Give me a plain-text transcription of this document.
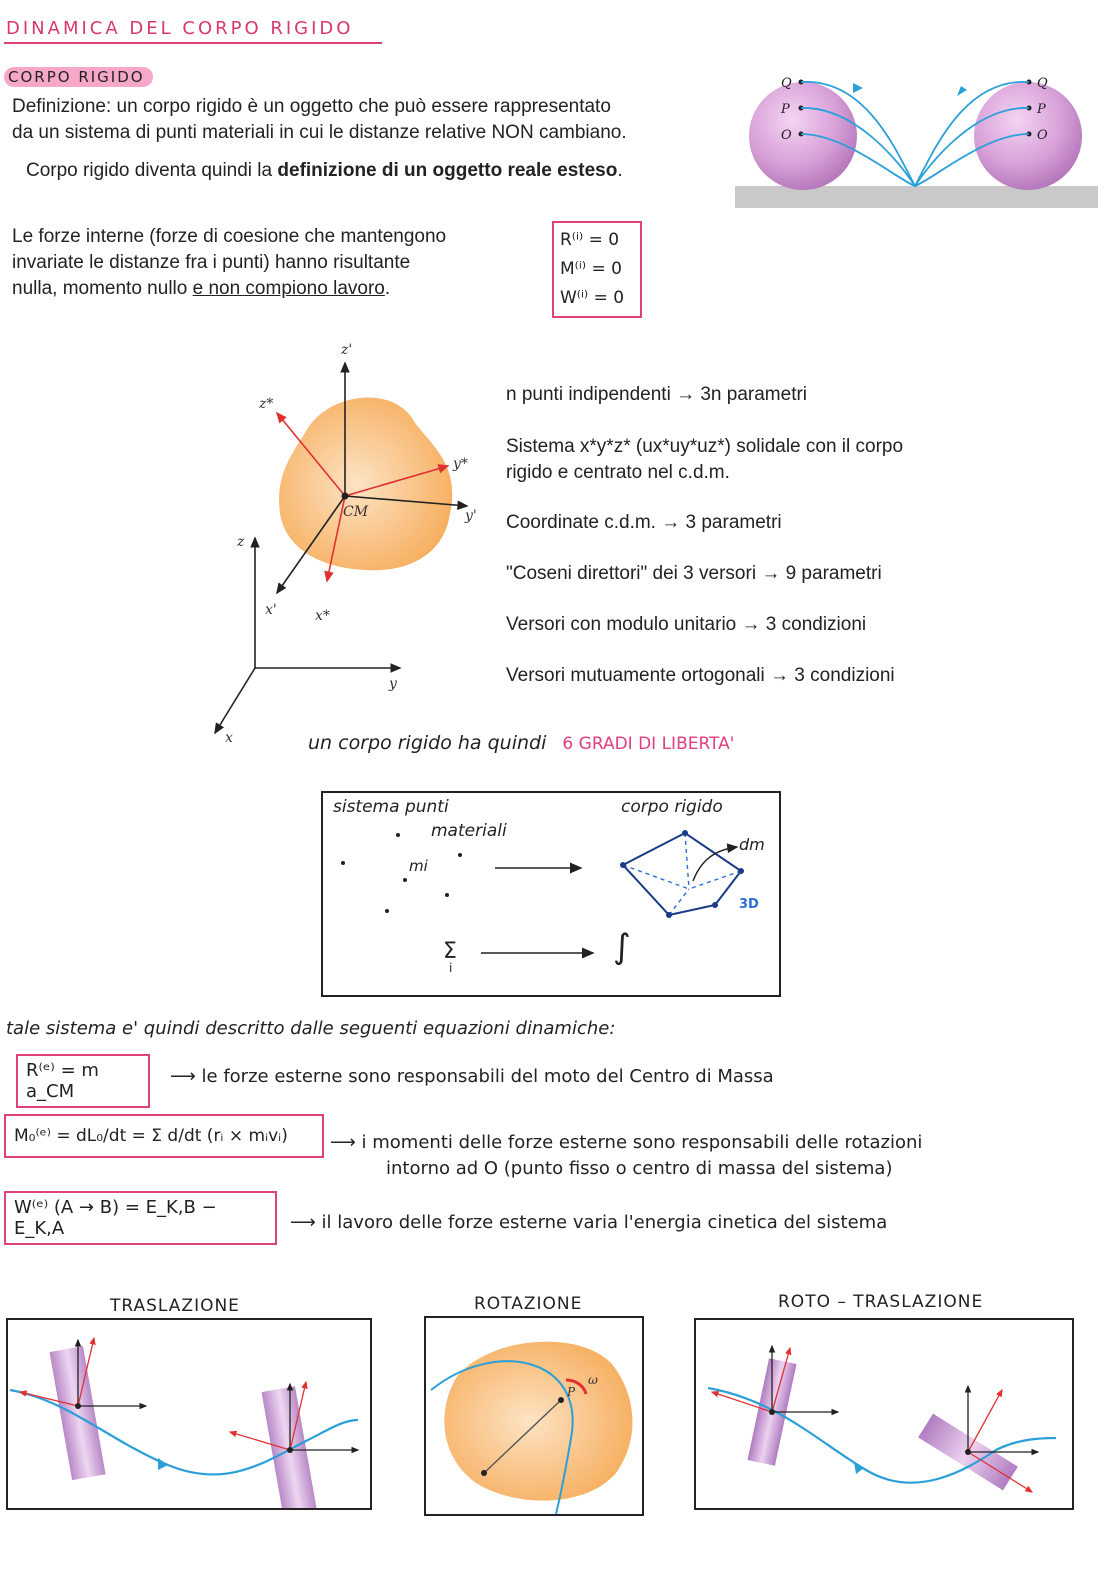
DINAMICA DEL CORPO RIGIDO
CORPO RIGIDO
Definizione: un corpo rigido è un oggetto che può essere rappresentato
da un sistema di punti materiali in cui le distanze relative NON cambiano.
Corpo rigido diventa quindi la definizione di un oggetto reale esteso.
Q
P
O
Q
P
O
Le forze interne (forze di coesione che mantengono
invariate le distanze fra i punti) hanno risultante
nulla, momento nullo e non compiono lavoro.
R⁽ⁱ⁾ = 0
M⁽ⁱ⁾ = 0
W⁽ⁱ⁾ = 0
z'
z*
y*
y'
CM
z
x'	x*
y
x
n punti indipendenti → 3n parametri
Sistema x*y*z* (ux*uy*uz*) solidale con il corpo
rigido e centrato nel c.d.m.
Coordinate c.d.m. → 3 parametri
"Coseni direttori" dei 3 versori → 9 parametri
Versori con modulo unitario → 3 condizioni
Versori mutuamente ortogonali → 3 condizioni
un corpo rigido ha quindi 6 GRADI DI LIBERTA'
sistema punti
materiali
mi
corpo rigido
dm
3D
Σ
i
∫
tale sistema e' quindi descritto dalle seguenti equazioni dinamiche:
R⁽ᵉ⁾ = m a_CM
⟶ le forze esterne sono responsabili del moto del Centro di Massa
M₀⁽ᵉ⁾ = dL₀/dt = Σ d/dt (rᵢ × mᵢvᵢ)	⟶ i momenti delle forze esterne sono responsabili delle rotazioni
intorno ad O (punto fisso o centro di massa del sistema)
W⁽ᵉ⁾ (A → B) = E_K,B − E_K,A	⟶ il lavoro delle forze esterne varia l'energia cinetica del sistema
TRASLAZIONE	ROTAZIONE	ROTO – TRASLAZIONE
P
ω
